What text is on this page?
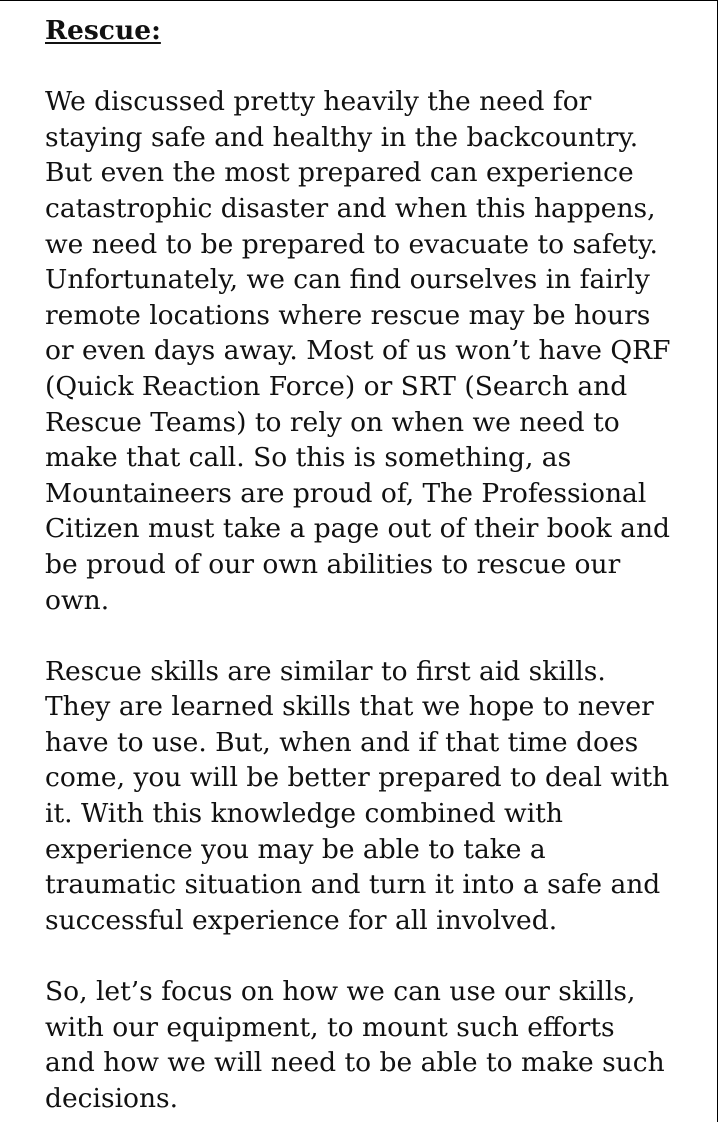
Rescue:

We discussed pretty heavily the need for
staying safe and healthy in the backcountry.
But even the most prepared can experience
catastrophic disaster and when this happens,
we need to be prepared to evacuate to safety.
Unfortunately, we can find ourselves in fairly
remote locations where rescue may be hours
or even days away. Most of us won’t have QRF
(Quick Reaction Force) or SRT (Search and
Rescue Teams) to rely on when we need to
make that call. So this is something, as
Mountaineers are proud of, The Professional
Citizen must take a page out of their book and
be proud of our own abilities to rescue our
own.

Rescue skills are similar to first aid skills.
They are learned skills that we hope to never
have to use. But, when and if that time does
come, you will be better prepared to deal with
it. With this knowledge combined with
experience you may be able to take a
traumatic situation and turn it into a safe and
successful experience for all involved.

So, let’s focus on how we can use our skills,
with our equipment, to mount such efforts
and how we will need to be able to make such
decisions.
